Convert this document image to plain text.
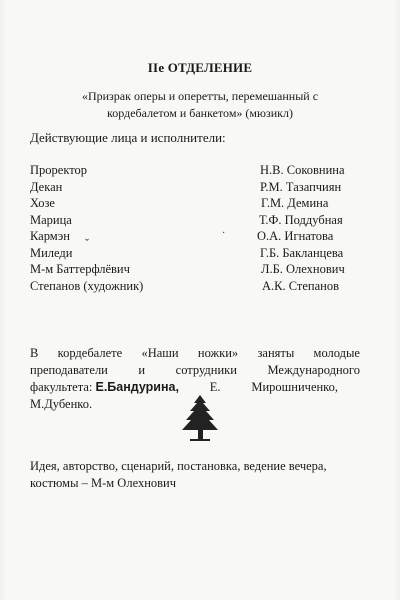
IIe ОТДЕЛЕНИЕ
«Призрак оперы и оперетты, перемешанный с
кордебалетом и банкетом» (мюзикл)
Действующие лица и исполнители:
Проректор	Н.В. Соковнина
Декан	Р.М. Тазапчиян
Хозе	Г.М. Демина
Марица	Т.Ф. Поддубная
Кармэн	О.А. Игнатова
Миледи	Г.Б. Бакланцева
М-м Баттерфлёвич	Л.Б. Олехнович
Степанов (художник)	А.К. Степанов
В кордебалете «Наши ножки» заняты молодые
преподаватели и сотрудники Международного
факультета: Е.Бандурина, Е. Мирошниченко,
М.Дубенко.
Идея, авторство, сценарий, постановка, ведение вечера,
костюмы – М-м Олехнович
·
ˇ
